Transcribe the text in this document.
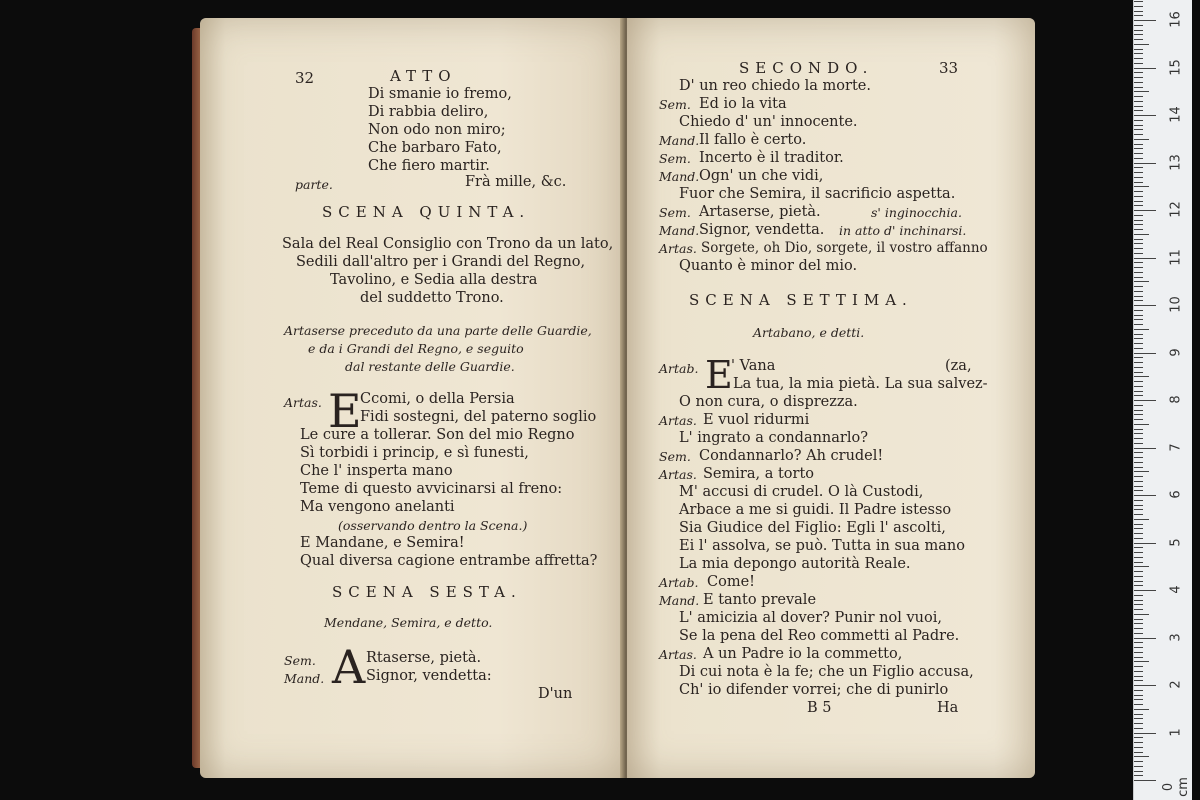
32	ATTO
Di smanie io fremo,
Di rabbia deliro,
Non odo non miro;
Che barbaro Fato,
Che fiero martir.
parte.	Frà mille, &c.
SCENA QUINTA.
Sala del Real Consiglio con Trono da un lato,
Sedili dall'altro per i Grandi del Regno,
Tavolino, e Sedia alla destra
del suddetto Trono.
Artaserse preceduto da una parte delle Guardie,
e da i Grandi del Regno, e seguito
dal restante delle Guardie.
Artas. E
Ccomi, o della Persia
Fidi sostegni, del paterno soglio
Le cure a tollerar. Son del mio Regno
Sì torbidi i princip, e sì funesti,
Che l' insperta mano
Teme di questo avvicinarsi al freno:
Ma vengono anelanti
(osservando dentro la Scena.)
E Mandane, e Semira!
Qual diversa cagione entrambe affretta?
SCENA SESTA.
Mendane, Semira, e detto.
Sem.
Mand. A Rtaserse, pietà.
Signor, vendetta:
D'un
SECONDO.	33
D' un reo chiedo la morte.
Sem. Ed io la vita
Chiedo d' un' innocente.
Mand. Il fallo è certo.
Sem. Incerto è il traditor.
Mand. Ogn' un che vidi,
Fuor che Semira, il sacrificio aspetta.
Sem. Artaserse, pietà.	s' inginocchia.
Mand. Signor, vendetta. in atto d' inchinarsi.
Artas. Sorgete, oh Dio, sorgete, il vostro affanno
Quanto è minor del mio.
SCENA SETTIMA.
Artabano, e detti.
Artab. E
' Vana	(za,
La tua, la mia pietà. La sua salvez-
O non cura, o disprezza.
Artas. E vuol ridurmi
L' ingrato a condannarlo?
Sem. Condannarlo? Ah crudel!
Artas. Semira, a torto
M' accusi di crudel. O là Custodi,
Arbace a me si guidi. Il Padre istesso
Sia Giudice del Figlio: Egli l' ascolti,
Ei l' assolva, se può. Tutta in sua mano
La mia depongo autorità Reale.
Artab. Come!
Mand. E tanto prevale
L' amicizia al dover? Punir nol vuoi,
Se la pena del Reo commetti al Padre.
Artas. A un Padre io la commetto,
Di cui nota è la fe; che un Figlio accusa,
Ch' io difender vorrei; che di punirlo
B 5	Ha
0 cm
1
2
3
4
5
6
7
8
9
10
11
12
13
14
15
16
